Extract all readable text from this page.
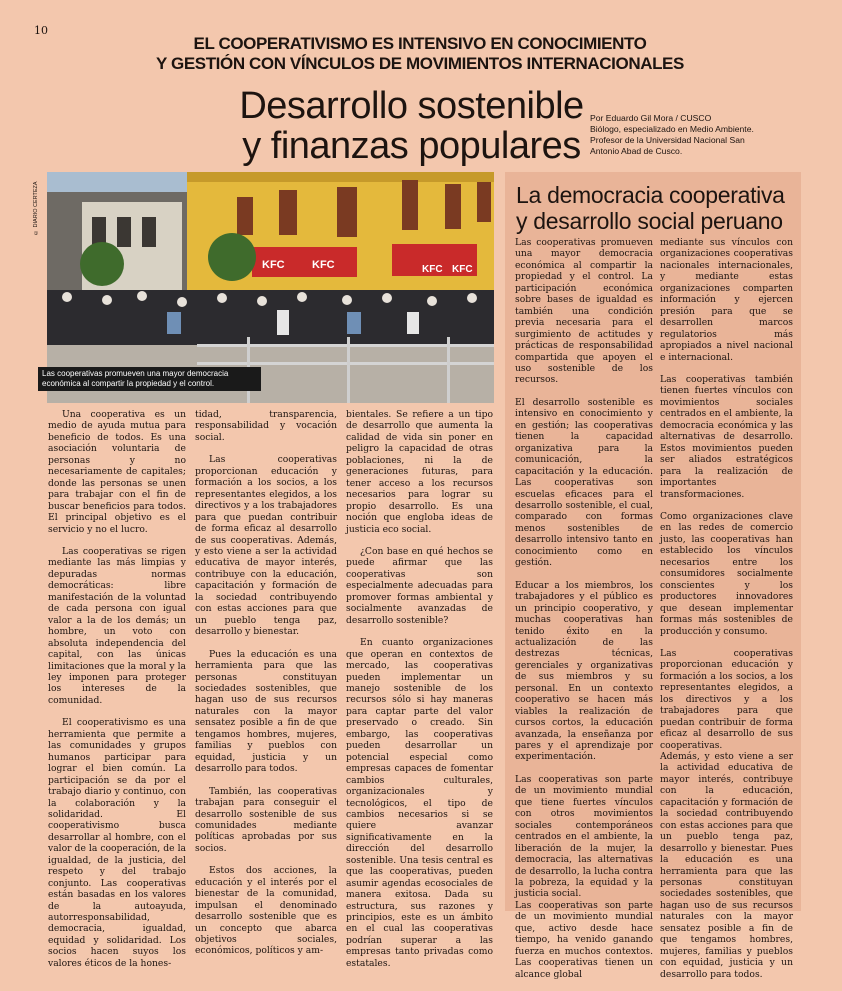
10
EL COOPERATIVISMO ES INTENSIVO EN CONOCIMIENTO
Y GESTIÓN CON VÍNCULOS DE MOVIMIENTOS INTERNACIONALES
Desarrollo sostenible
y finanzas populares
Por Eduardo Gil Mora / CUSCO
Biólogo, especializado en Medio Ambiente.
Profesor de la Universidad Nacional San
Antonio Abad de Cusco.
© DIARIO CERTEZA
KFC KFC	KFC KFC
Las cooperativas promueven una mayor democracia económica al compartir la propiedad y el control.

Una cooperativa es un medio de ayuda mutua para beneficio de todos. Es una asociación voluntaria de personas y no necesariamente de capitales; donde las personas se unen para trabajar con el fin de buscar beneficios para todos. El principal objetivo es el servicio y no el lucro.

Las cooperativas se rigen mediante las más limpias y depuradas normas democráticas: libre manifestación de la voluntad de cada persona con igual valor a la de los demás; un hombre, un voto con absoluta independencia del capital, con las únicas limitaciones que la moral y la ley imponen para proteger los intereses de la comunidad.

El cooperativismo es una herramienta que permite a las comunidades y grupos humanos participar para lograr el bien común. La participación se da por el trabajo diario y continuo, con la colaboración y la solidaridad. El cooperativismo busca desarrollar al hombre, con el valor de la cooperación, de la igualdad, de la justicia, del respeto y del trabajo conjunto. Las cooperativas están basadas en los valores de la autoayuda, autorresponsabilidad, democracia, igualdad, equidad y solidaridad. Los socios hacen suyos los valores éticos de la hones-

tidad, transparencia, responsabilidad y vocación social.

Las cooperativas proporcionan educación y formación a los socios, a los representantes elegidos, a los directivos y a los trabajadores para que puedan contribuir de forma eficaz al desarrollo de sus cooperativas. Además, y esto viene a ser la actividad educativa de mayor interés, contribuye con la educación, capacitación y formación de la sociedad contribuyendo con estas acciones para que un pueblo tenga paz, desarrollo y bienestar.

Pues la educación es una herramienta para que las personas constituyan sociedades sostenibles, que hagan uso de sus recursos naturales con la mayor sensatez posible a fin de que tengamos hombres, mujeres, familias y pueblos con equidad, justicia y un desarrollo para todos.

También, las cooperativas trabajan para conseguir el desarrollo sostenible de sus comunidades mediante políticas aprobadas por sus socios.

Estos dos acciones, la educación y el interés por el bienestar de la comunidad, impulsan el denominado desarrollo sostenible que es un concepto que abarca objetivos sociales, económicos, políticos y am-

bientales. Se refiere a un tipo de desarrollo que aumenta la calidad de vida sin poner en peligro la capacidad de otras poblaciones, ni la de generaciones futuras, para tener acceso a los recursos necesarios para lograr su propio desarrollo. Es una noción que engloba ideas de justicia eco social.

¿Con base en qué hechos se puede afirmar que las cooperativas son especialmente adecuadas para promover formas ambiental y socialmente avanzadas de desarrollo sostenible?

En cuanto organizaciones que operan en contextos de mercado, las cooperativas pueden implementar un manejo sostenible de los recursos sólo si hay maneras para captar parte del valor preservado o creado. Sin embargo, las cooperativas pueden desarrollar un potencial especial como empresas capaces de fomentar cambios culturales, organizacionales y tecnológicos, el tipo de cambios necesarios si se quiere avanzar significativamente en la dirección del desarrollo sostenible. Una tesis central es que las cooperativas, pueden asumir agendas ecosociales de manera exitosa. Dada su estructura, sus razones y principios, este es un ámbito en el cual las cooperativas podrían superar a las empresas tanto privadas como estatales.

La democracia cooperativa
y desarrollo social peruano

Las cooperativas promueven una mayor democracia económica al compartir la propiedad y el control. La participación económica sobre bases de igualdad es también una condición previa necesaria para el surgimiento de actitudes y prácticas de responsabilidad compartida que apoyen el uso sostenible de los recursos.

El desarrollo sostenible es intensivo en conocimiento y en gestión; las cooperativas tienen la capacidad organizativa para la comunicación, la capacitación y la educación. Las cooperativas son escuelas eficaces para el desarrollo sostenible, el cual, comparado con formas menos sostenibles de desarrollo intensivo tanto en conocimiento como en gestión.

Educar a los miembros, los trabajadores y el público es un principio cooperativo, y muchas cooperativas han tenido éxito en la actualización de las destrezas técnicas, gerenciales y organizativas de sus miembros y su personal. En un contexto cooperativo se hacen más viables la realización de cursos cortos, la educación avanzada, la enseñanza por pares y el aprendizaje por experimentación.

Las cooperativas son parte de un movimiento mundial que tiene fuertes vínculos con otros movimientos sociales contemporáneos centrados en el ambiente, la liberación de la mujer, la democracia, las alternativas de desarrollo, la lucha contra la pobreza, la equidad y la justicia social.

Las cooperativas son parte de un movimiento mundial que, activo desde hace tiempo, ha venido ganando fuerza en muchos contextos. Las cooperativas tienen un alcance global

mediante sus vínculos con organizaciones cooperativas nacionales internacionales, y mediante estas organizaciones comparten información y ejercen presión para que se desarrollen marcos regulatorios más apropiados a nivel nacional e internacional.

Las cooperativas también tienen fuertes vínculos con movimientos sociales centrados en el ambiente, la democracia económica y las alternativas de desarrollo. Estos movimientos pueden ser aliados estratégicos para la realización de importantes transformaciones.

Como organizaciones clave en las redes de comercio justo, las cooperativas han establecido los vínculos necesarios entre los consumidores socialmente conscientes y los productores innovadores que desean implementar formas más sostenibles de producción y consumo.

Las cooperativas proporcionan educación y formación a los socios, a los representantes elegidos, a los directivos y a los trabajadores para que puedan contribuir de forma eficaz al desarrollo de sus cooperativas.

Además, y esto viene a ser la actividad educativa de mayor interés, contribuye con la educación, capacitación y formación de la sociedad contribuyendo con estas acciones para que un pueblo tenga paz, desarrollo y bienestar. Pues la educación es una herramienta para que las personas constituyan sociedades sostenibles, que hagan uso de sus recursos naturales con la mayor sensatez posible a fin de que tengamos hombres, mujeres, familias y pueblos con equidad, justicia y un desarrollo para todos.
